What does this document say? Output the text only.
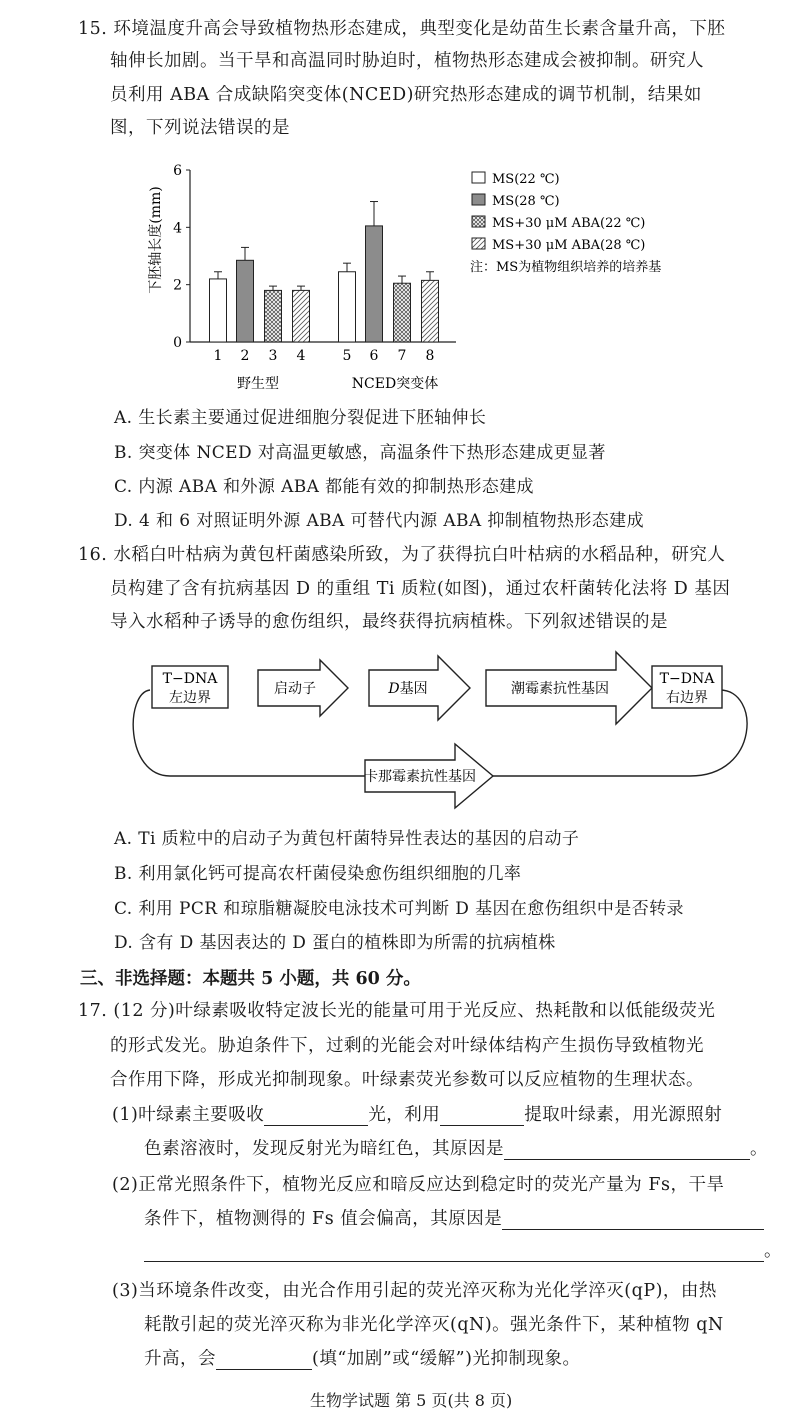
15. 环境温度升高会导致植物热形态建成，典型变化是幼苗生长素含量升高，下胚
轴伸长加剧。当干旱和高温同时胁迫时，植物热形态建成会被抑制。研究人
员利用 ABA 合成缺陷突变体(NCED)研究热形态建成的调节机制，结果如
图，下列说法错误的是
0
2
4
6
1 2 3 4	5 6 7 8
MS(22 ℃)
MS(28 ℃)
MS+30 μM ABA(22 ℃)
MS+30 μM ABA(28 ℃)
下胚轴长度(mm)
野生型	NCED突变体
注：MS为植物组织培养的培养基
A. 生长素主要通过促进细胞分裂促进下胚轴伸长
B. 突变体 NCED 对高温更敏感，高温条件下热形态建成更显著
C. 内源 ABA 和外源 ABA 都能有效的抑制热形态建成
D. 4 和 6 对照证明外源 ABA 可替代内源 ABA 抑制植物热形态建成
16. 水稻白叶枯病为黄包杆菌感染所致，为了获得抗白叶枯病的水稻品种，研究人
员构建了含有抗病基因 D 的重组 Ti 质粒(如图)，通过农杆菌转化法将 D 基因
导入水稻种子诱导的愈伤组织，最终获得抗病植株。下列叙述错误的是
T−DNA
左边界
启动子	D基因	潮霉素抗性基因
T−DNA
右边界
卡那霉素抗性基因
A. Ti 质粒中的启动子为黄包杆菌特异性表达的基因的启动子
B. 利用氯化钙可提高农杆菌侵染愈伤组织细胞的几率
C. 利用 PCR 和琼脂糖凝胶电泳技术可判断 D 基因在愈伤组织中是否转录
D. 含有 D 基因表达的 D 蛋白的植株即为所需的抗病植株
三、非选择题：本题共 5 小题，共 60 分。
17. (12 分)叶绿素吸收特定波长光的能量可用于光反应、热耗散和以低能级荧光
的形式发光。胁迫条件下，过剩的光能会对叶绿体结构产生损伤导致植物光
合作用下降，形成光抑制现象。叶绿素荧光参数可以反应植物的生理状态。
(1)叶绿素主要吸收	光，利用	提取叶绿素，用光源照射
色素溶液时，发现反射光为暗红色，其原因是	。
(2)正常光照条件下，植物光反应和暗反应达到稳定时的荧光产量为 Fs，干旱
条件下，植物测得的 Fs 值会偏高，其原因是
。
(3)当环境条件改变，由光合作用引起的荧光淬灭称为光化学淬灭(qP)，由热
耗散引起的荧光淬灭称为非光化学淬灭(qN)。强光条件下，某种植物 qN
升高，会	(填“加剧”或“缓解”)光抑制现象。
生物学试题 第 5 页(共 8 页)
